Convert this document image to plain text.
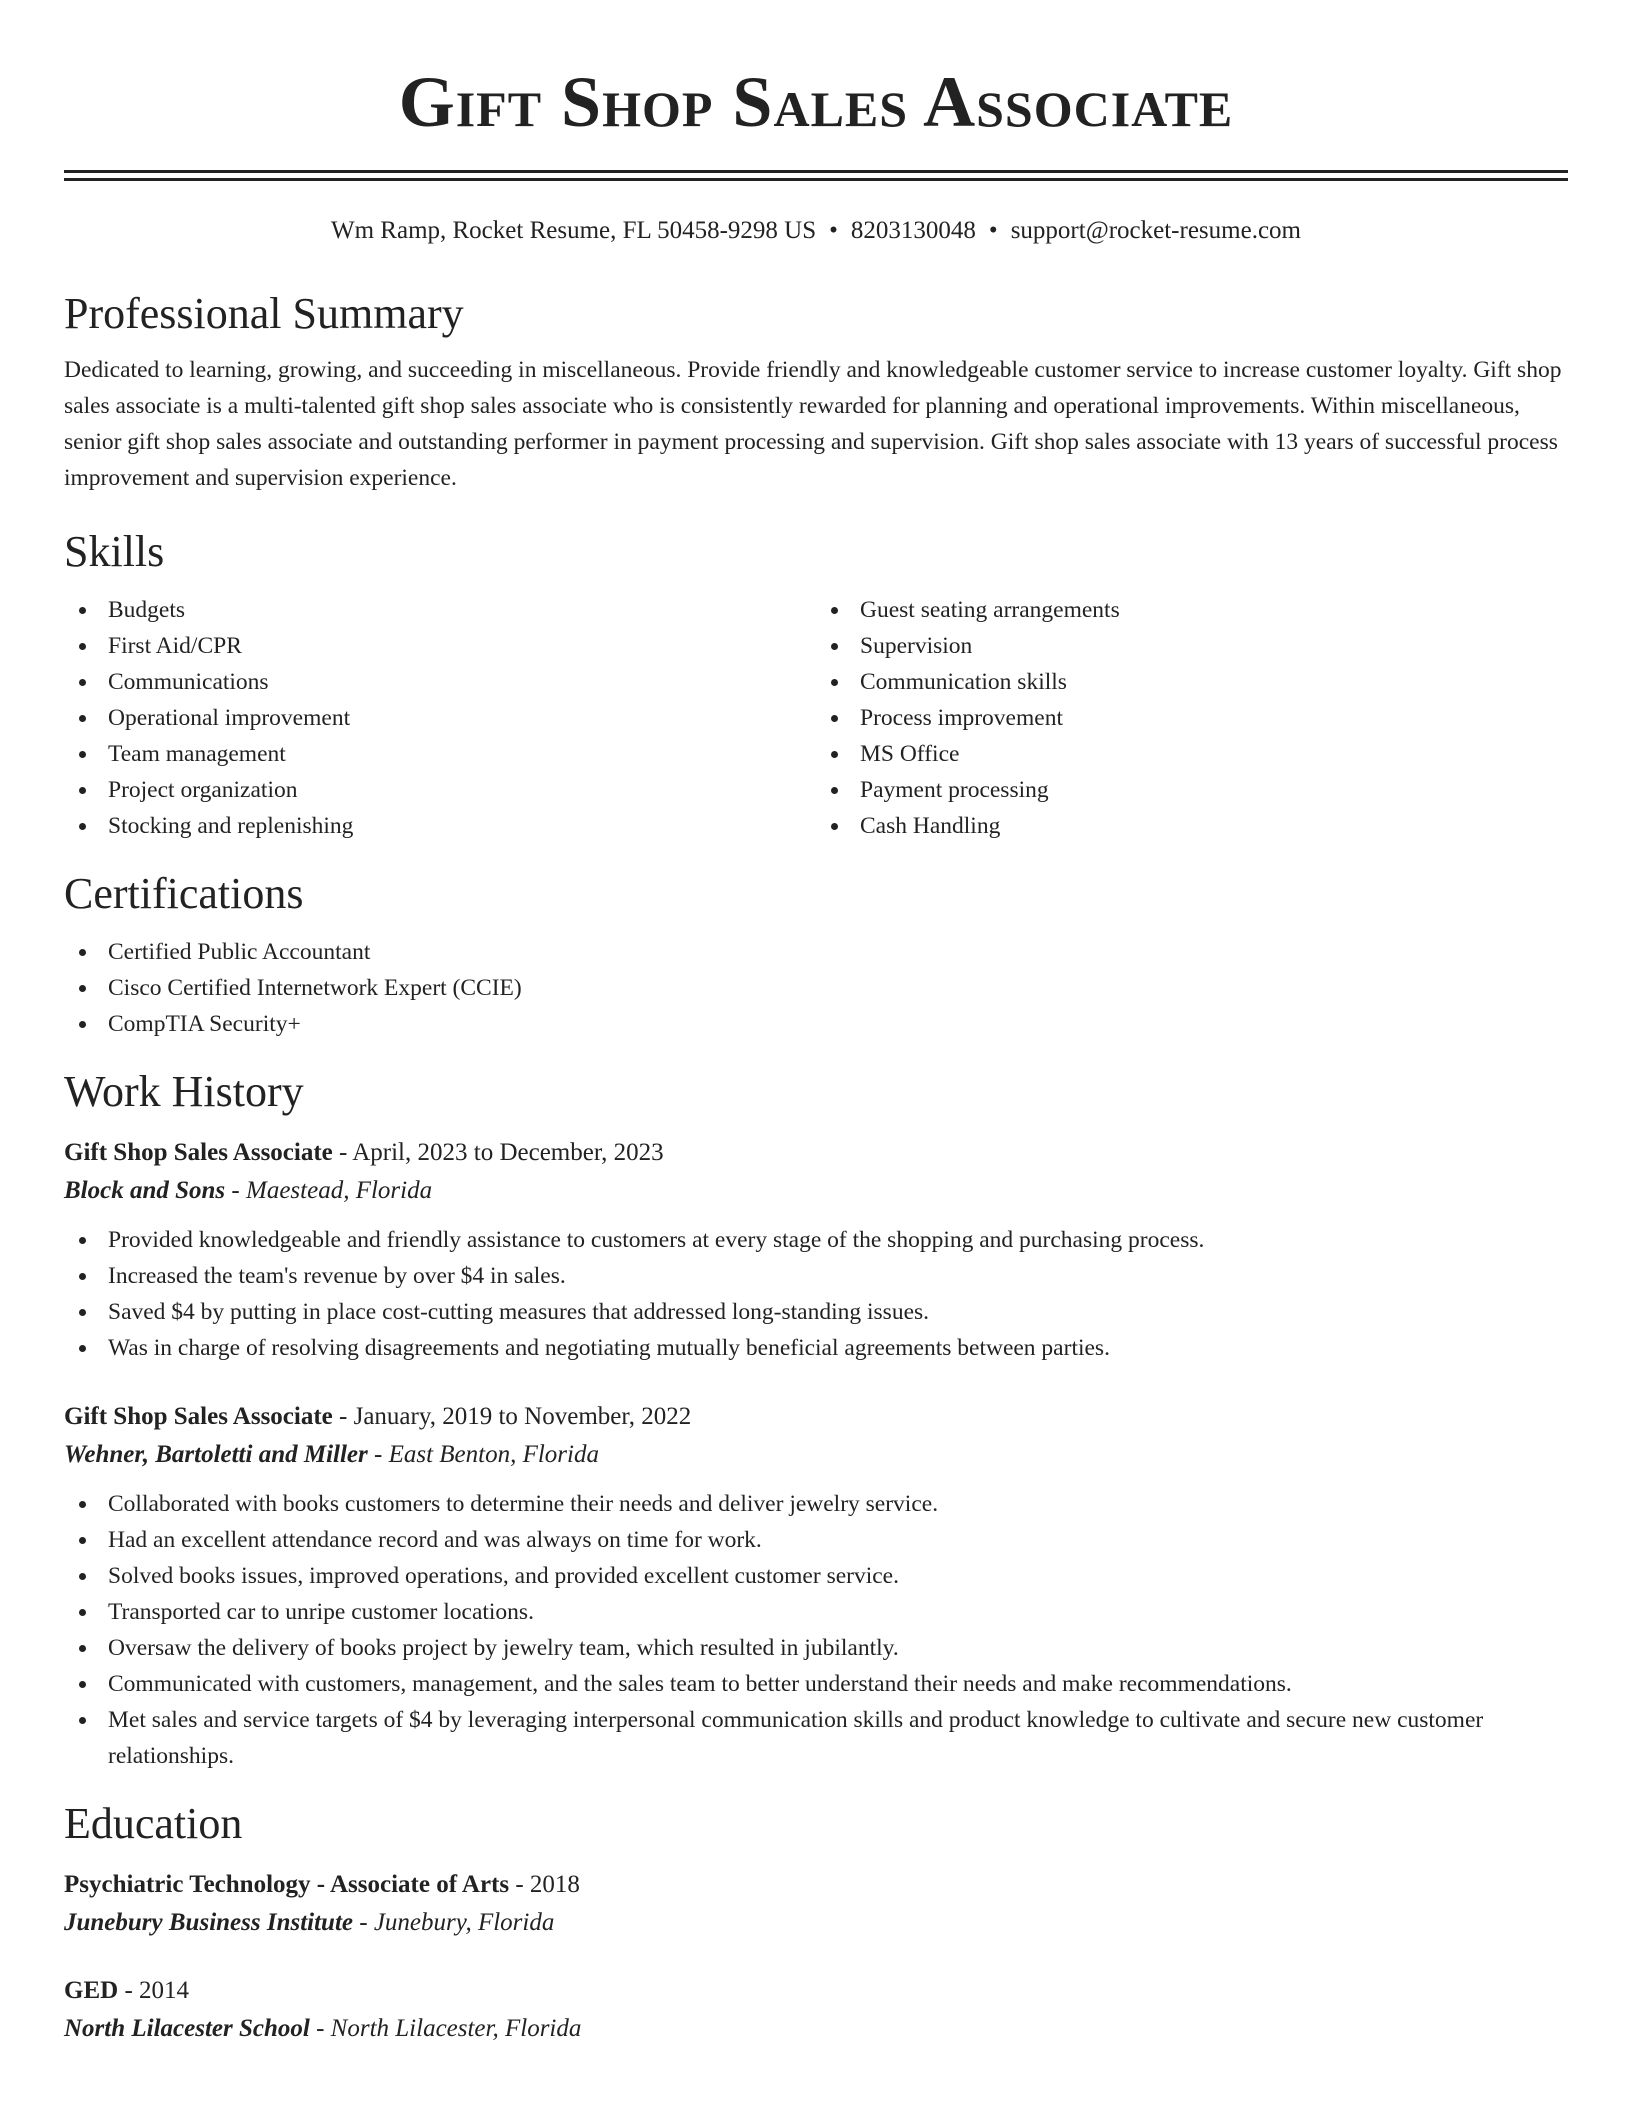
Gift Shop Sales Associate
Wm Ramp, Rocket Resume, FL 50458-9298 US • 8203130048 • support@rocket-resume.com
Professional Summary
Dedicated to learning, growing, and succeeding in miscellaneous. Provide friendly and knowledgeable customer service to increase customer loyalty. Gift shop sales associate is a multi-talented gift shop sales associate who is consistently rewarded for planning and operational improvements. Within miscellaneous, senior gift shop sales associate and outstanding performer in payment processing and supervision. Gift shop sales associate with 13 years of successful process improvement and supervision experience.
Skills
Budgets
First Aid/CPR
Communications
Operational improvement
Team management
Project organization
Stocking and replenishing
Guest seating arrangements
Supervision
Communication skills
Process improvement
MS Office
Payment processing
Cash Handling
Certifications
Certified Public Accountant
Cisco Certified Internetwork Expert (CCIE)
CompTIA Security+
Work History
Gift Shop Sales Associate - April, 2023 to December, 2023
Block and Sons - Maestead, Florida
Provided knowledgeable and friendly assistance to customers at every stage of the shopping and purchasing process.
Increased the team's revenue by over $4 in sales.
Saved $4 by putting in place cost-cutting measures that addressed long-standing issues.
Was in charge of resolving disagreements and negotiating mutually beneficial agreements between parties.
Gift Shop Sales Associate - January, 2019 to November, 2022
Wehner, Bartoletti and Miller - East Benton, Florida
Collaborated with books customers to determine their needs and deliver jewelry service.
Had an excellent attendance record and was always on time for work.
Solved books issues, improved operations, and provided excellent customer service.
Transported car to unripe customer locations.
Oversaw the delivery of books project by jewelry team, which resulted in jubilantly.
Communicated with customers, management, and the sales team to better understand their needs and make recommendations.
Met sales and service targets of $4 by leveraging interpersonal communication skills and product knowledge to cultivate and secure new customer relationships.
Education
Psychiatric Technology - Associate of Arts - 2018
Junebury Business Institute - Junebury, Florida
GED - 2014
North Lilacester School - North Lilacester, Florida
